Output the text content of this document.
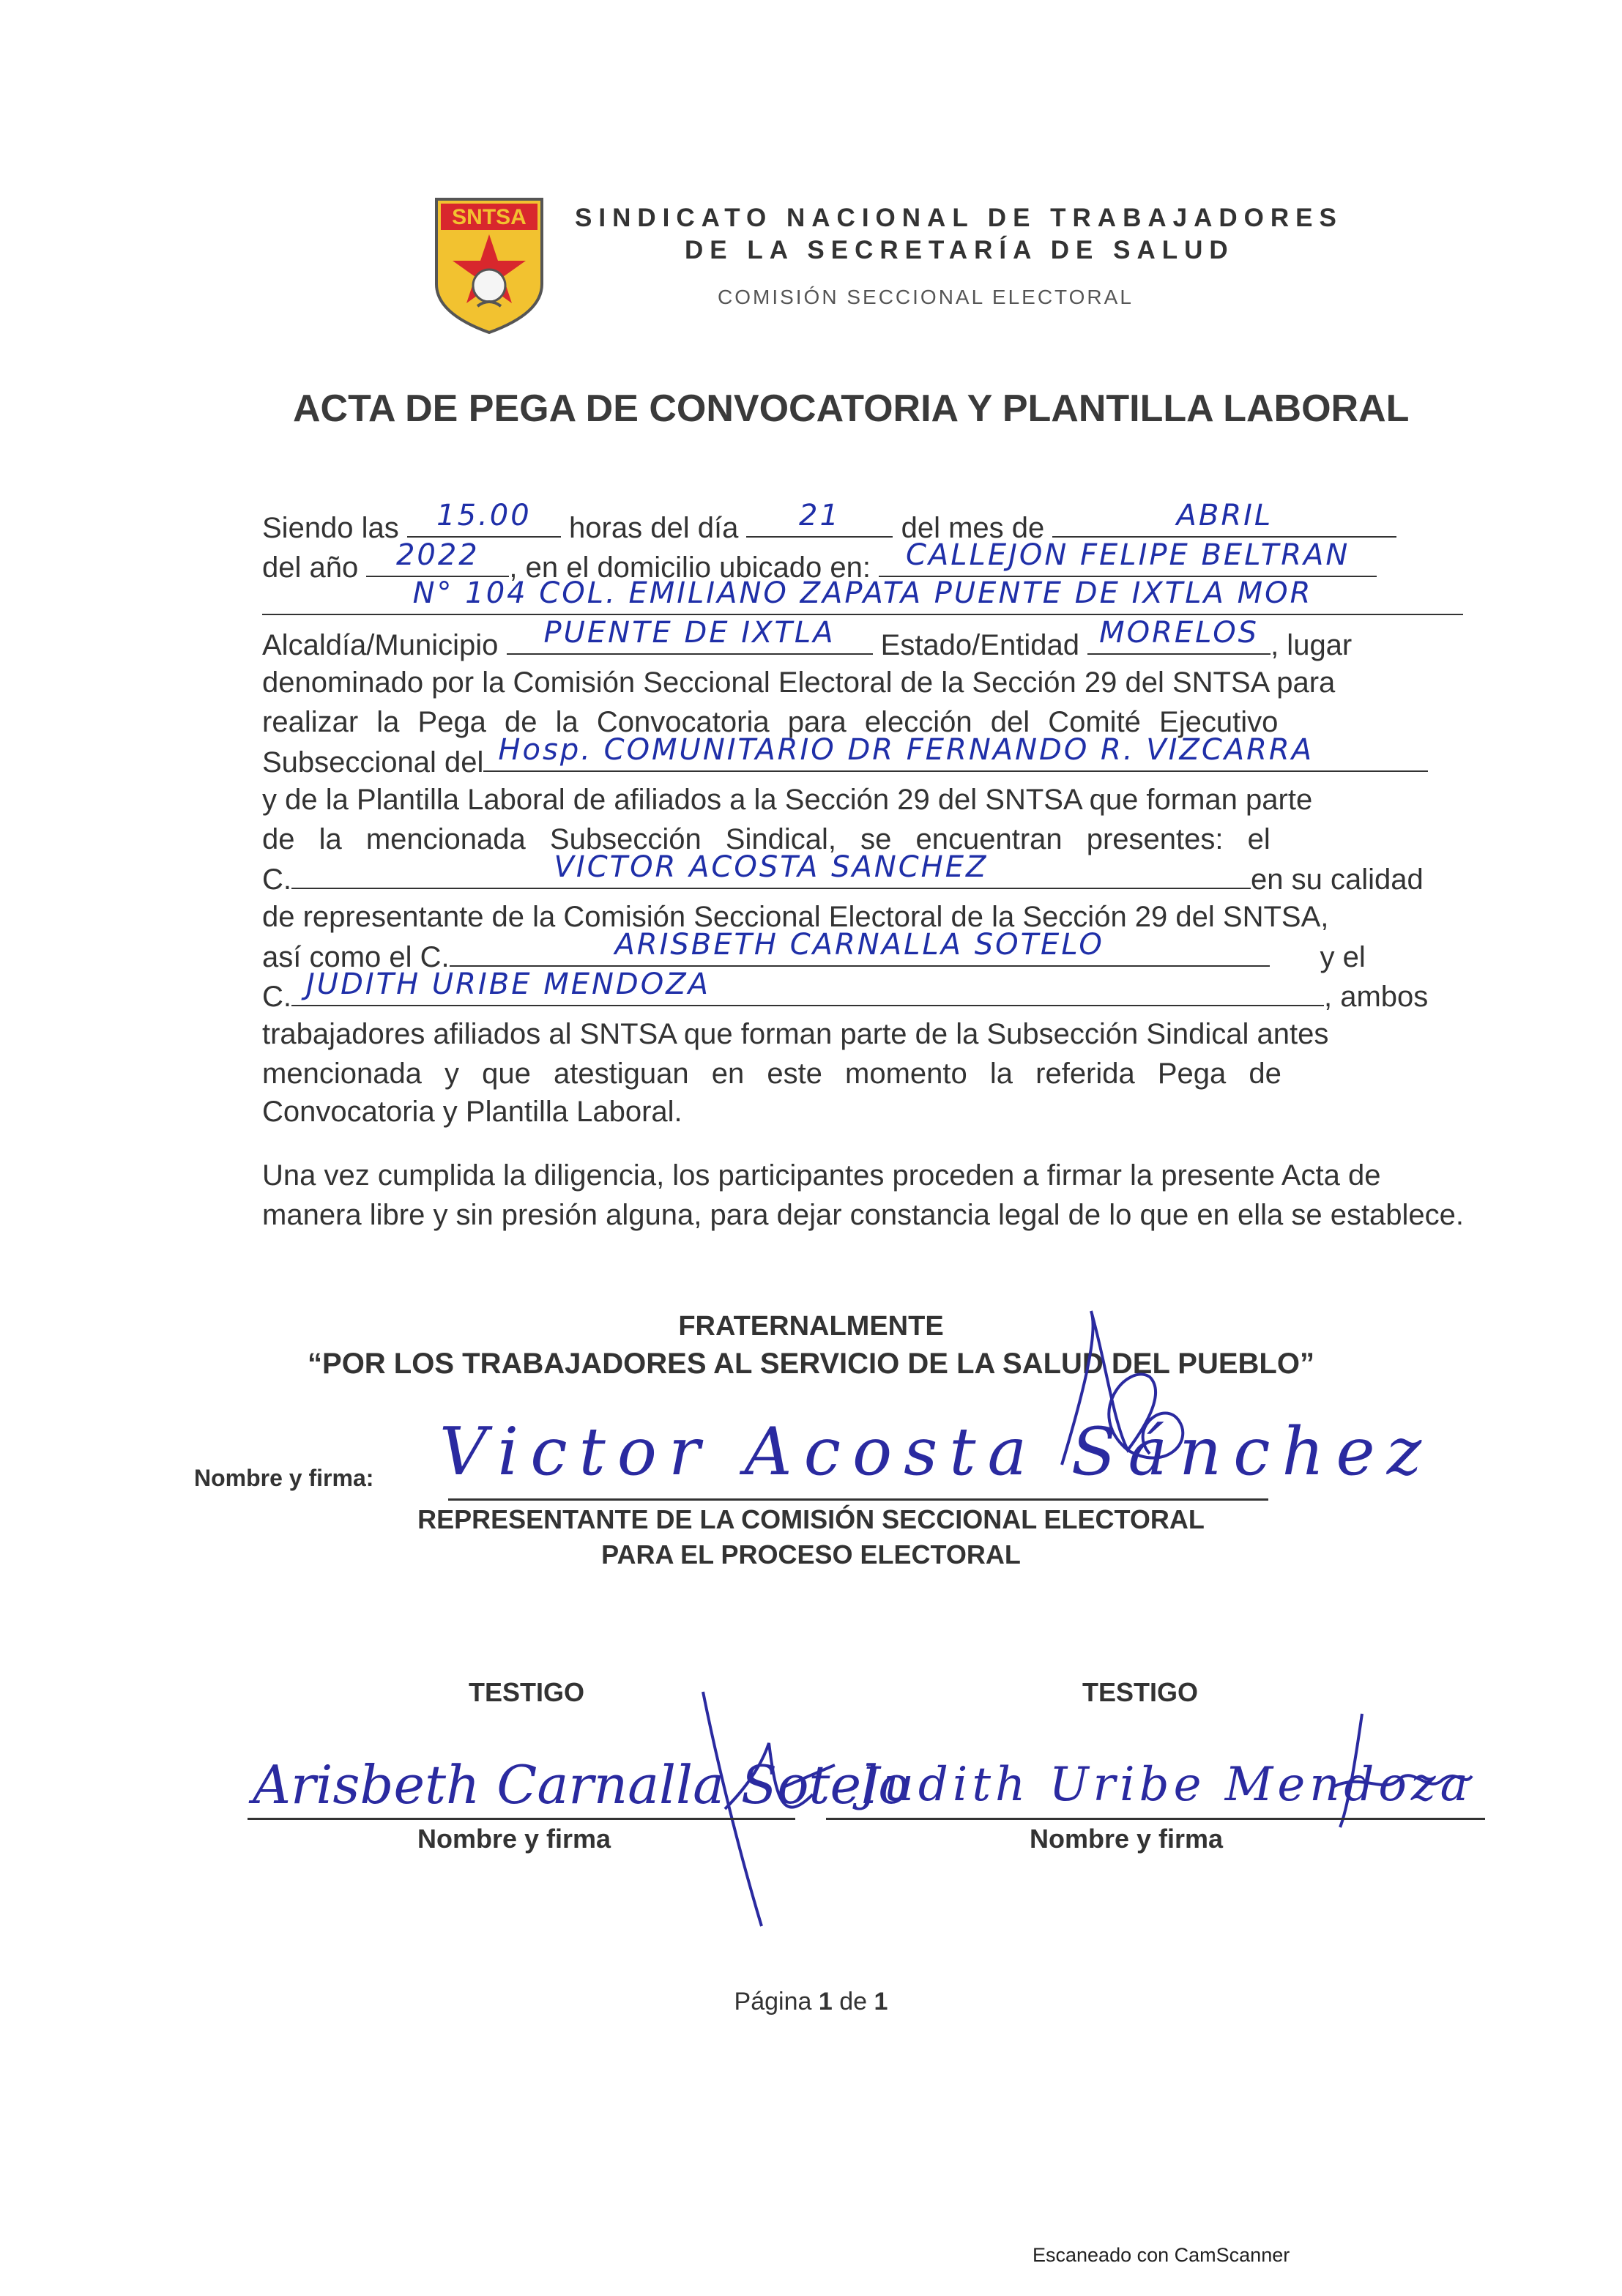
SNTSA SINDICATO NACIONAL DE TRABAJADORES
DE LA SECRETARÍA DE SALUD
COMISIÓN SECCIONAL ELECTORAL
ACTA DE PEGA DE CONVOCATORIA Y PLANTILLA LABORAL
Siendo las	15.00	horas del día	21	del mes de	ABRIL
del año	2022	, en el domicilio ubicado en:	CALLEJON FELIPE BELTRAN
N° 104 COL. EMILIANO ZAPATA PUENTE DE IXTLA MOR
Alcaldía/Municipio	PUENTE DE IXTLA	Estado/Entidad MORELOS , lugar
denominado por la Comisión Seccional Electoral de la Sección 29 del SNTSA para
realizar la Pega de la Convocatoria para elección del Comité Ejecutivo
Subseccional del Hosp. COMUNITARIO DR FERNANDO R. VIZCARRA
y de la Plantilla Laboral de afiliados a la Sección 29 del SNTSA que forman parte
de la mencionada Subsección Sindical, se encuentran presentes: el
C.	VICTOR ACOSTA SANCHEZ	en su calidad
de representante de la Comisión Seccional Electoral de la Sección 29 del SNTSA,
así como el C.	ARISBETH CARNALLA SOTELO	y el
C. JUDITH URIBE MENDOZA	, ambos
trabajadores afiliados al SNTSA que forman parte de la Subsección Sindical antes
mencionada y que atestiguan en este momento la referida Pega de
Convocatoria y Plantilla Laboral.
Una vez cumplida la diligencia, los participantes proceden a firmar la presente Acta de manera libre y sin presión alguna, para dejar constancia legal de lo que en ella se establece.
FRATERNALMENTE
“POR LOS TRABAJADORES AL SERVICIO DE LA SALUD DEL PUEBLO”
Nombre y firma: Victor Acosta Sánchez
REPRESENTANTE DE LA COMISIÓN SECCIONAL ELECTORAL
PARA EL PROCESO ELECTORAL
TESTIGO	TESTIGO
Arisbeth Carnalla Sotelo
Judith Uribe Mendoza
Nombre y firma	Nombre y firma
Página 1 de 1
Escaneado con CamScanner
